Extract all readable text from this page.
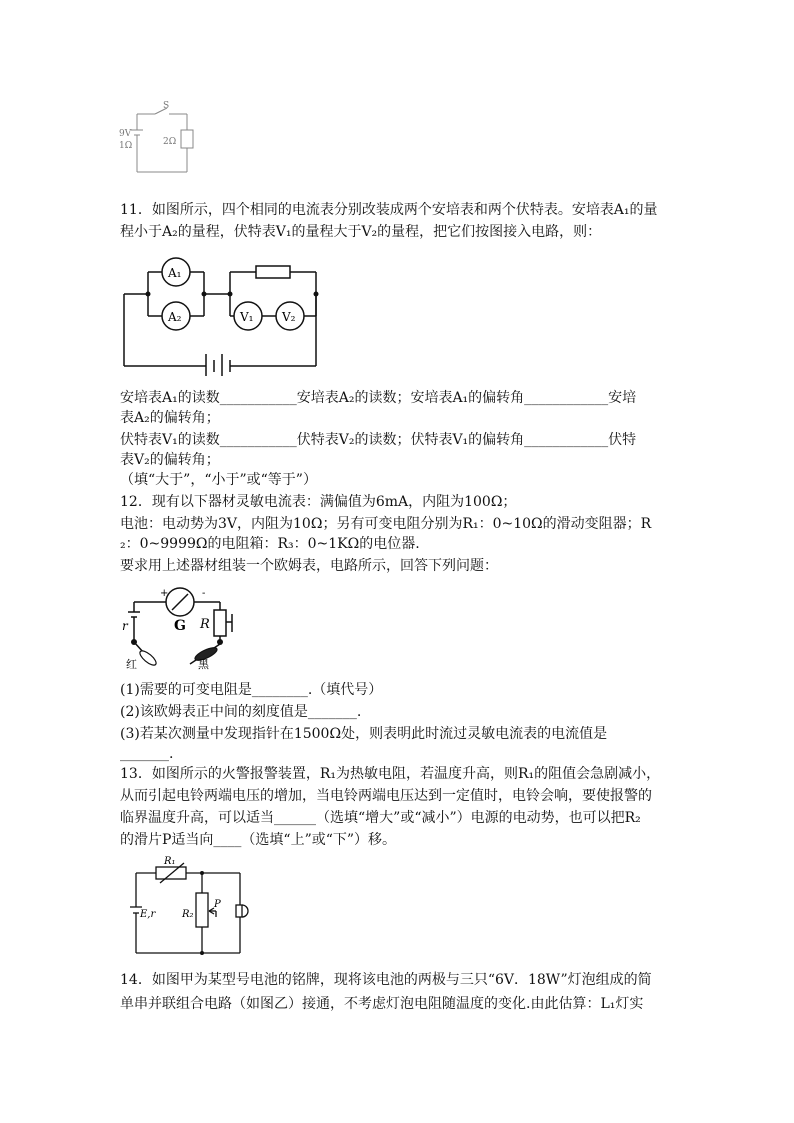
S
9V
1Ω	2Ω
11．如图所示，四个相同的电流表分别改装成两个安培表和两个伏特表。安培表A₁的量
程小于A₂的量程，伏特表V₁的量程大于V₂的量程，把它们按图接入电路，则：
A₁
A₂	V₁ V₂
安培表A₁的读数___________安培表A₂的读数；安培表A₁的偏转角____________安培
表A₂的偏转角；
伏特表V₁的读数___________伏特表V₂的读数；伏特表V₁的偏转角____________伏特
表V₂的偏转角；
（填“大于”，“小于”或“等于”）
12．现有以下器材灵敏电流表：满偏值为6mA，内阻为100Ω；
电池：电动势为3V，内阻为10Ω；另有可变电阻分别为R₁：0~10Ω的滑动变阻器；R
₂：0~9999Ω的电阻箱：R₃：0~1KΩ的电位器.
要求用上述器材组装一个欧姆表，电路所示，回答下列问题：
+	-
G R
r
红	黑
(1)需要的可变电阻是________.（填代号）
(2)该欧姆表正中间的刻度值是_______.
(3)若某次测量中发现指针在1500Ω处，则表明此时流过灵敏电流表的电流值是
_______.
13．如图所示的火警报警装置，R₁为热敏电阻，若温度升高，则R₁的阻值会急剧减小，
从而引起电铃两端电压的增加，当电铃两端电压达到一定值时，电铃会响，要使报警的
临界温度升高，可以适当______（选填“增大”或“减小”）电源的电动势，也可以把R₂
的滑片P适当向____（选填“上”或“下”）移。
R₁
E,r	R₂
P
14．如图甲为某型号电池的铭牌，现将该电池的两极与三只“6V．18W”灯泡组成的简
单串并联组合电路（如图乙）接通，不考虑灯泡电阻随温度的变化.由此估算：L₁灯实
